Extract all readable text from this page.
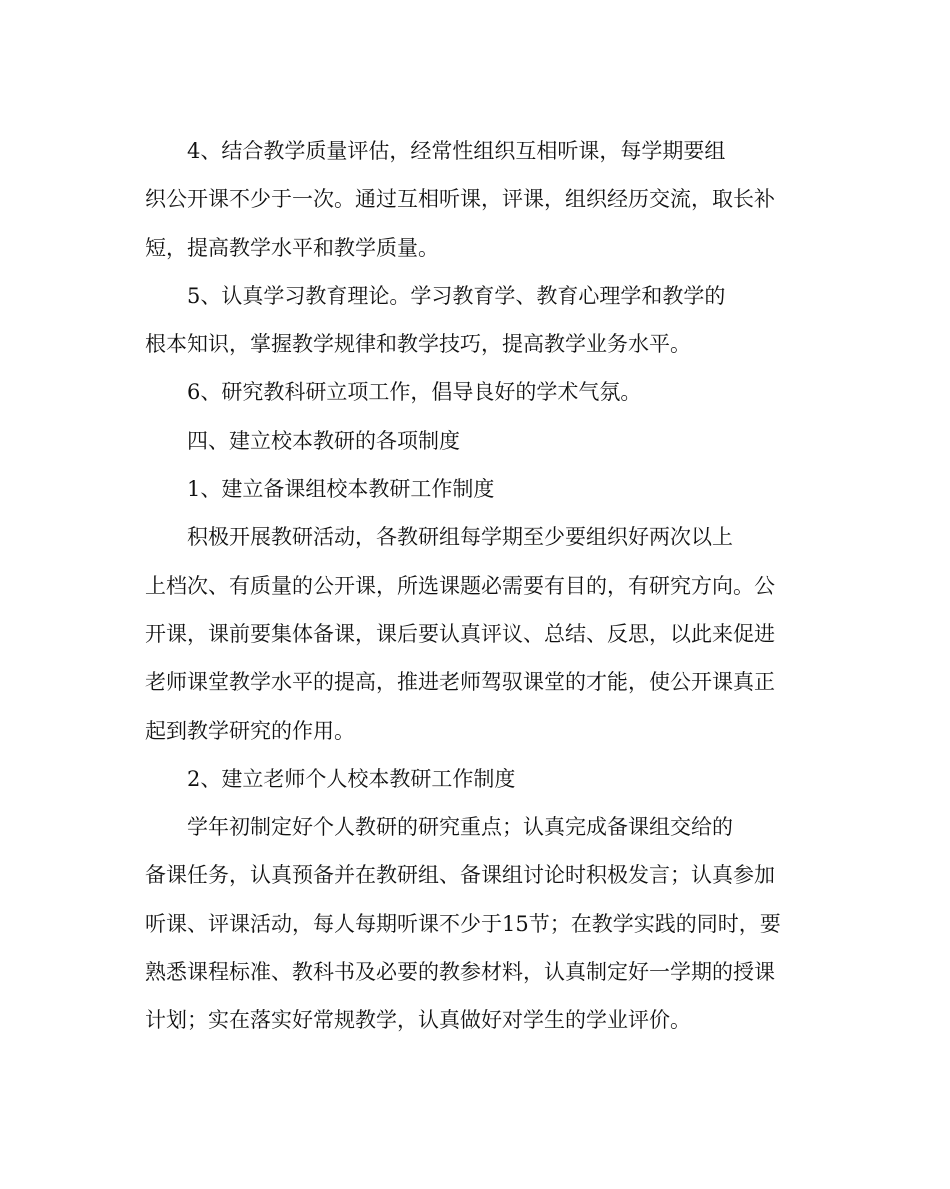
4、结合教学质量评估，经常性组织互相听课，每学期要组
织公开课不少于一次。通过互相听课，评课，组织经历交流，取长补
短，提高教学水平和教学质量。

5、认真学习教育理论。学习教育学、教育心理学和教学的
根本知识，掌握教学规律和教学技巧，提高教学业务水平。

6、研究教科研立项工作，倡导良好的学术气氛。

四、建立校本教研的各项制度

1、建立备课组校本教研工作制度

积极开展教研活动，各教研组每学期至少要组织好两次以上
上档次、有质量的公开课，所选课题必需要有目的，有研究方向。公
开课，课前要集体备课，课后要认真评议、总结、反思，以此来促进
老师课堂教学水平的提高，推进老师驾驭课堂的才能，使公开课真正
起到教学研究的作用。

2、建立老师个人校本教研工作制度

学年初制定好个人教研的研究重点；认真完成备课组交给的
备课任务，认真预备并在教研组、备课组讨论时积极发言；认真参加
听课、评课活动，每人每期听课不少于15节；在教学实践的同时，要
熟悉课程标准、教科书及必要的教参材料，认真制定好一学期的授课
计划；实在落实好常规教学，认真做好对学生的学业评价。
